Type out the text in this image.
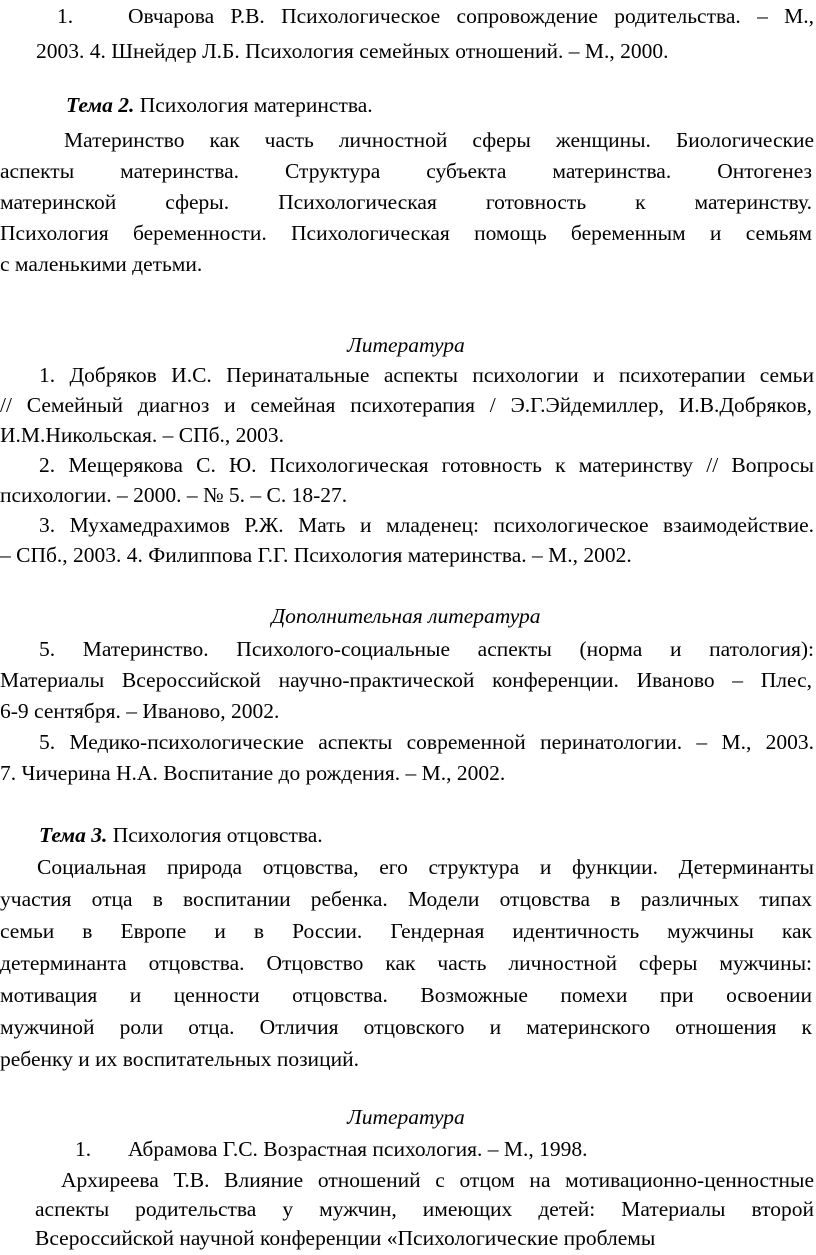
1.	Овчарова Р.В. Психологическое сопровождение родительства. – М.,
2003. 4. Шнейдер Л.Б. Психология семейных отношений. – М., 2000.
Тема 2. Психология материнства.
Материнство как часть личностной сферы женщины. Биологические
аспекты материнства. Структура субъекта материнства. Онтогенез
материнской сферы. Психологическая готовность к материнству.
Психология беременности. Психологическая помощь беременным и семьям
с маленькими детьми.
Литература
1. Добряков И.С. Перинатальные аспекты психологии и психотерапии семьи
// Семейный диагноз и семейная психотерапия / Э.Г.Эйдемиллер, И.В.Добряков,
И.М.Никольская. – СПб., 2003.
2. Мещерякова С. Ю. Психологическая готовность к материнству // Вопросы
психологии. – 2000. – № 5. – С. 18-27.
3. Мухамедрахимов Р.Ж. Мать и младенец: психологическое взаимодействие.
– СПб., 2003. 4. Филиппова Г.Г. Психология материнства. – М., 2002.
Дополнительная литература
5. Материнство. Психолого-социальные аспекты (норма и патология):
Материалы Всероссийской научно-практической конференции. Иваново – Плес,
6-9 сентября. – Иваново, 2002.
5. Медико-психологические аспекты современной перинатологии. – М., 2003.
7. Чичерина Н.А. Воспитание до рождения. – М., 2002.
Тема 3. Психология отцовства.
Социальная природа отцовства, его структура и функции. Детерминанты
участия отца в воспитании ребенка. Модели отцовства в различных типах
семьи в Европе и в России. Гендерная идентичность мужчины как
детерминанта отцовства. Отцовство как часть личностной сферы мужчины:
мотивация и ценности отцовства. Возможные помехи при освоении
мужчиной роли отца. Отличия отцовского и материнского отношения к
ребенку и их воспитательных позиций.
Литература
1.	Абрамова Г.С. Возрастная психология. – М., 1998.
Архиреева Т.В. Влияние отношений с отцом на мотивационно-ценностные
аспекты родительства у мужчин, имеющих детей: Материалы второй
Всероссийской научной конференции «Психологические проблемы
